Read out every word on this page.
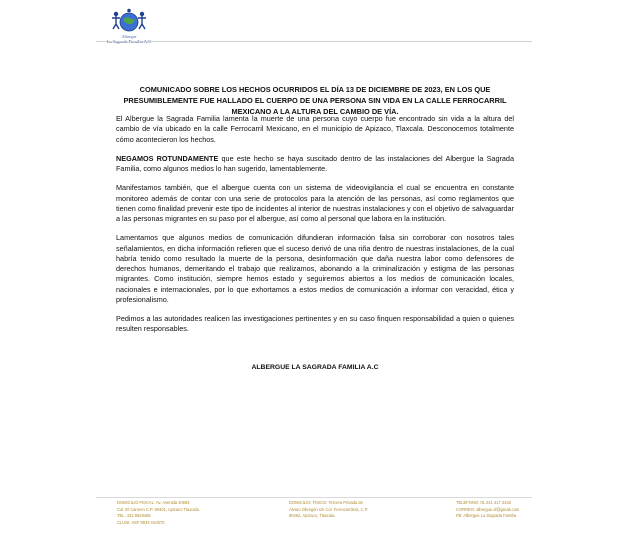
Albergue
COMUNICADO SOBRE LOS HECHOS OCURRIDOS EL DÍA 13 DE DICIEMBRE DE 2023, EN LOS QUE PRESUMIBLEMENTE FUE HALLADO EL CUERPO DE UNA PERSONA SIN VIDA EN LA CALLE FERROCARRIL MEXICANO A LA ALTURA DEL CAMBIO DE VÍA.

El Albergue la Sagrada Familia lamenta la muerte de una persona cuyo cuerpo fue encontrado sin vida a la altura del cambio de vía ubicado en la calle Ferrocarril Mexicano, en el municipio de Apizaco, Tlaxcala. Desconocemos totalmente cómo acontecieron los hechos.

NEGAMOS ROTUNDAMENTE que este hecho se haya suscitado dentro de las instalaciones del Albergue la Sagrada Familia, como algunos medios lo han sugerido, lamentablemente.

Manifestamos también, que el albergue cuenta con un sistema de videovigilancia el cual se encuentra en constante monitoreo además de contar con una serie de protocolos para la atención de las personas, así como reglamentos que tienen como finalidad prevenir este tipo de incidentes al interior de nuestras instalaciones y con el objetivo de salvaguardar a las personas migrantes en su paso por el albergue, así como al personal que labora en la institución.

Lamentamos que algunos medios de comunicación difundieran información falsa sin corroborar con nosotros tales señalamientos, en dicha información refieren que el suceso derivó de una riña dentro de nuestras instalaciones, de la cual habría tenido como resultado la muerte de la persona, desinformación que daña nuestra labor como defensores de derechos humanos, demeritando el trabajo que realizamos, abonando a la criminalización y estigma de las personas migrantes. Como institución, siempre hemos estado y seguiremos abiertos a los medios de comunicación locales, nacionales e internacionales, por lo que exhortamos a estos medios de comunicación a informar con veracidad, ética y profesionalismo.

Pedimos a las autoridades realicen las investigaciones pertinentes y en su caso finquen responsabilidad a quien o quienes resulten responsables.

ALBERGUE LA SAGRADA FAMILIA A.C
DOMICILIO FISCAL: Av. Avenida 40693
Col. El Carmen C.P. 90401, Apizaco Tlaxcala.
TEL: 432 5828486
CLUNI: ASF 9833 HUI270
DOMICILIO: FÍSICO: Tercera Privada de
Álvaro Obregón s/n Col. Ferrocarrilera, C.P.
90462, Apizaco, Tlaxcala.
TELÉFONO: 01 241 417 2432
CORREO: albergue.sf@gmail.com
FB: Albergue La Sagrada Familia
